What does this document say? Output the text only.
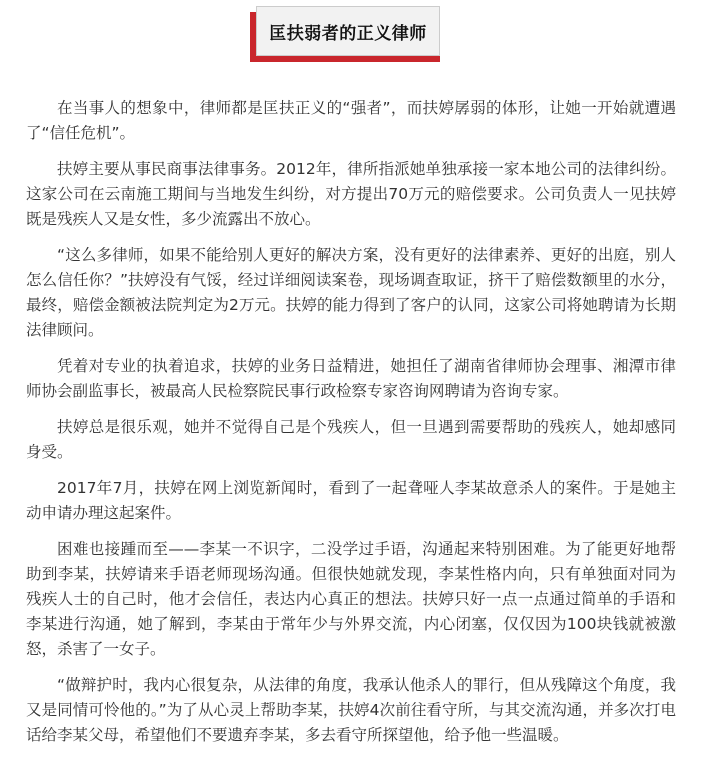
匡扶弱者的正义律师

在当事人的想象中，律师都是匡扶正义的“强者”，而扶婷孱弱的体形，让她一开始就遭遇了“信任危机”。

扶婷主要从事民商事法律事务。2012年，律所指派她单独承接一家本地公司的法律纠纷。这家公司在云南施工期间与当地发生纠纷，对方提出70万元的赔偿要求。公司负责人一见扶婷既是残疾人又是女性，多少流露出不放心。

“这么多律师，如果不能给别人更好的解决方案，没有更好的法律素养、更好的出庭，别人怎么信任你？”扶婷没有气馁，经过详细阅读案卷，现场调查取证，挤干了赔偿数额里的水分，最终，赔偿金额被法院判定为2万元。扶婷的能力得到了客户的认同，这家公司将她聘请为长期法律顾问。

凭着对专业的执着追求，扶婷的业务日益精进，她担任了湖南省律师协会理事、湘潭市律师协会副监事长，被最高人民检察院民事行政检察专家咨询网聘请为咨询专家。

扶婷总是很乐观，她并不觉得自己是个残疾人，但一旦遇到需要帮助的残疾人，她却感同身受。

2017年7月，扶婷在网上浏览新闻时，看到了一起聋哑人李某故意杀人的案件。于是她主动申请办理这起案件。

困难也接踵而至——李某一不识字，二没学过手语，沟通起来特别困难。为了能更好地帮助到李某，扶婷请来手语老师现场沟通。但很快她就发现，李某性格内向，只有单独面对同为残疾人士的自己时，他才会信任，表达内心真正的想法。扶婷只好一点一点通过简单的手语和李某进行沟通，她了解到，李某由于常年少与外界交流，内心闭塞，仅仅因为100块钱就被激怒，杀害了一女子。

“做辩护时，我内心很复杂，从法律的角度，我承认他杀人的罪行，但从残障这个角度，我又是同情可怜他的。”为了从心灵上帮助李某，扶婷4次前往看守所，与其交流沟通，并多次打电话给李某父母，希望他们不要遗弃李某，多去看守所探望他，给予他一些温暖。
